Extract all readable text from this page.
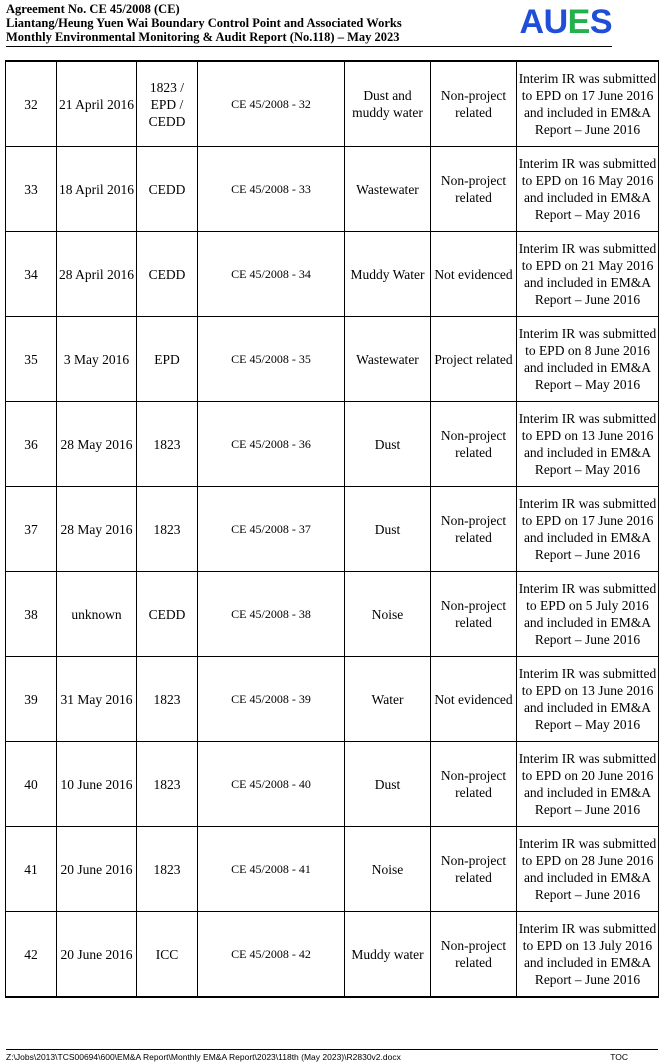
Agreement No. CE 45/2008 (CE)
Liantang/Heung Yuen Wai Boundary Control Point and Associated Works
Monthly Environmental Monitoring & Audit Report (No.118) – May 2023	AUES
32	21 April 2016	1823 / EPD / CEDD	CE 45/2008 - 32	Dust and muddy water	Non-project related	Interim IR was submitted to EPD on 17 June 2016 and included in EM&A Report – June 2016
33	18 April 2016	CEDD	CE 45/2008 - 33	Wastewater	Non-project related	Interim IR was submitted to EPD on 16 May 2016 and included in EM&A Report – May 2016
34	28 April 2016	CEDD	CE 45/2008 - 34	Muddy Water	Not evidenced	Interim IR was submitted to EPD on 21 May 2016 and included in EM&A Report – June 2016
35	3 May 2016	EPD	CE 45/2008 - 35	Wastewater	Project related	Interim IR was submitted to EPD on 8 June 2016 and included in EM&A Report – May 2016
36	28 May 2016	1823	CE 45/2008 - 36	Dust	Non-project related	Interim IR was submitted to EPD on 13 June 2016 and included in EM&A Report – May 2016
37	28 May 2016	1823	CE 45/2008 - 37	Dust	Non-project related	Interim IR was submitted to EPD on 17 June 2016 and included in EM&A Report – June 2016
38	unknown	CEDD	CE 45/2008 - 38	Noise	Non-project related	Interim IR was submitted to EPD on 5 July 2016 and included in EM&A Report – June 2016
39	31 May 2016	1823	CE 45/2008 - 39	Water	Not evidenced	Interim IR was submitted to EPD on 13 June 2016 and included in EM&A Report – May 2016
40	10 June 2016	1823	CE 45/2008 - 40	Dust	Non-project related	Interim IR was submitted to EPD on 20 June 2016 and included in EM&A Report – June 2016
41	20 June 2016	1823	CE 45/2008 - 41	Noise	Non-project related	Interim IR was submitted to EPD on 28 June 2016 and included in EM&A Report – June 2016
42	20 June 2016	ICC	CE 45/2008 - 42	Muddy water	Non-project related	Interim IR was submitted to EPD on 13 July 2016 and included in EM&A Report – June 2016
Z:\Jobs\2013\TCS00694\600\EM&A Report\Monthly EM&A Report\2023\118th (May 2023)\R2830v2.docx	TOC
